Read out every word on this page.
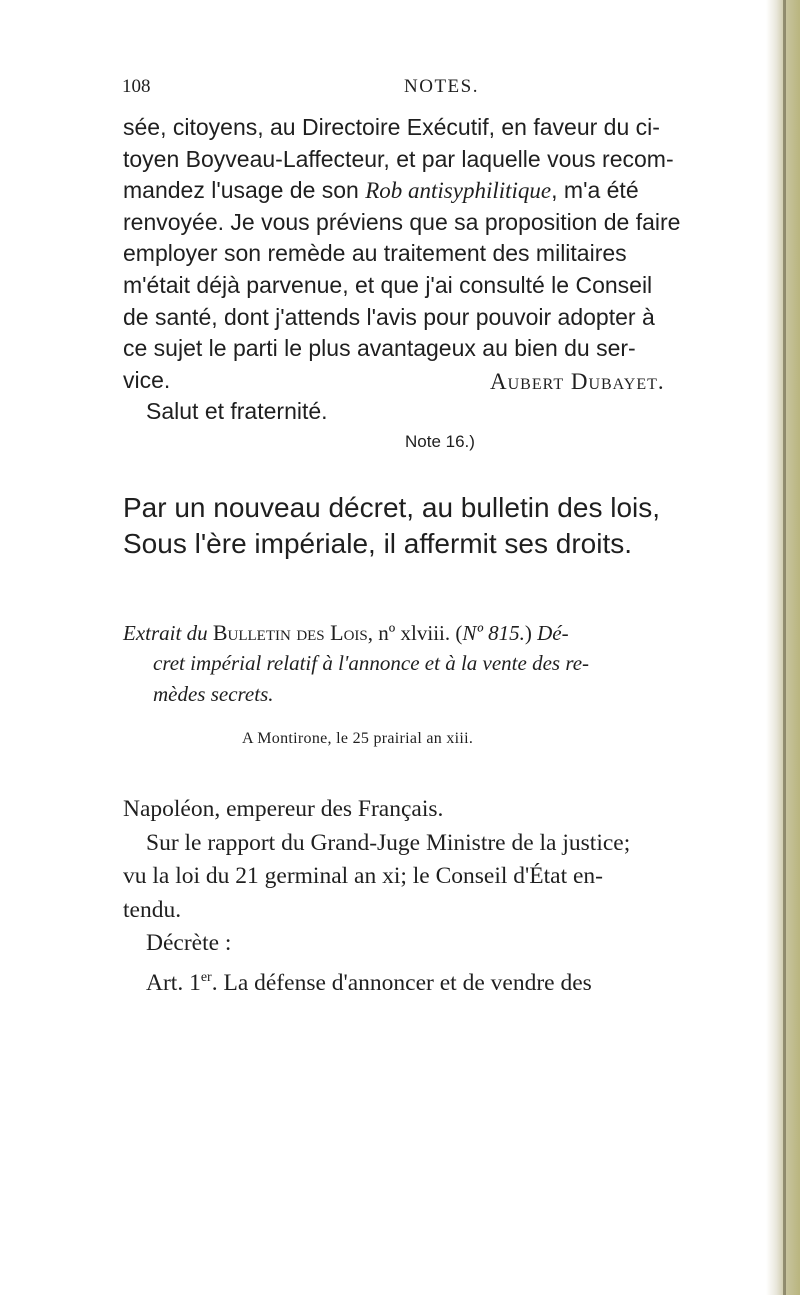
108	NOTES.
sée, citoyens, au Directoire Exécutif, en faveur du ci-
toyen Boyveau-Laffecteur, et par laquelle vous recom-
mandez l'usage de son Rob antisyphilitique, m'a été
renvoyée. Je vous préviens que sa proposition de faire
employer son remède au traitement des militaires
m'était déjà parvenue, et que j'ai consulté le Conseil
de santé, dont j'attends l'avis pour pouvoir adopter à
ce sujet le parti le plus avantageux au bien du ser-
vice.
Salut et fraternité.
Aubert Dubayet.
Note 16.)
Par un nouveau décret, au bulletin des lois,
Sous l'ère impériale, il affermit ses droits.
Extrait du Bulletin des Lois, nº xlviii. (Nº 815.) Dé-
cret impérial relatif à l'annonce et à la vente des re-
mèdes secrets.
A Montirone, le 25 prairial an xiii.
Napoléon, empereur des Français.
Sur le rapport du Grand-Juge Ministre de la justice;
vu la loi du 21 germinal an xi; le Conseil d'État en-
tendu.
Décrète :
Art. 1er. La défense d'annoncer et de vendre des
